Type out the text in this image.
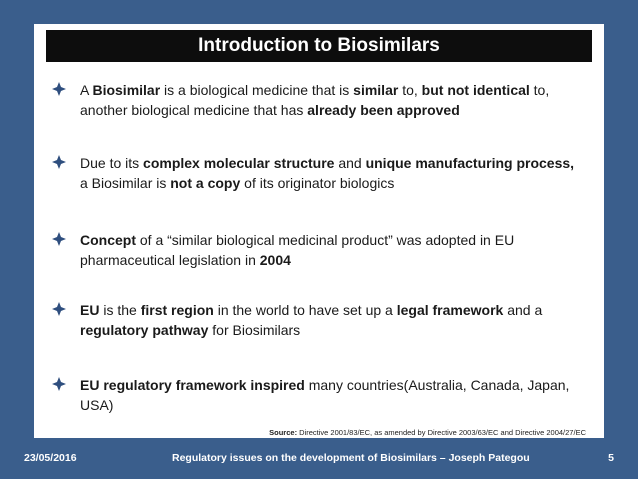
Introduction to Biosimilars
A Biosimilar is a biological medicine that is similar to, but not identical to, another biological medicine that has already been approved
Due to its complex molecular structure and unique manufacturing process, a Biosimilar is not a copy of its originator biologics
Concept of a “similar biological medicinal product” was adopted in EU pharmaceutical legislation in 2004
EU is the first region in the world to have set up a legal framework and a regulatory pathway for Biosimilars
EU regulatory framework inspired many countries(Australia, Canada, Japan, USA)
Source: Directive 2001/83/EC, as amended by Directive 2003/63/EC and Directive 2004/27/EC
23/05/2016	Regulatory issues on the development of Biosimilars – Joseph Pategou	5
